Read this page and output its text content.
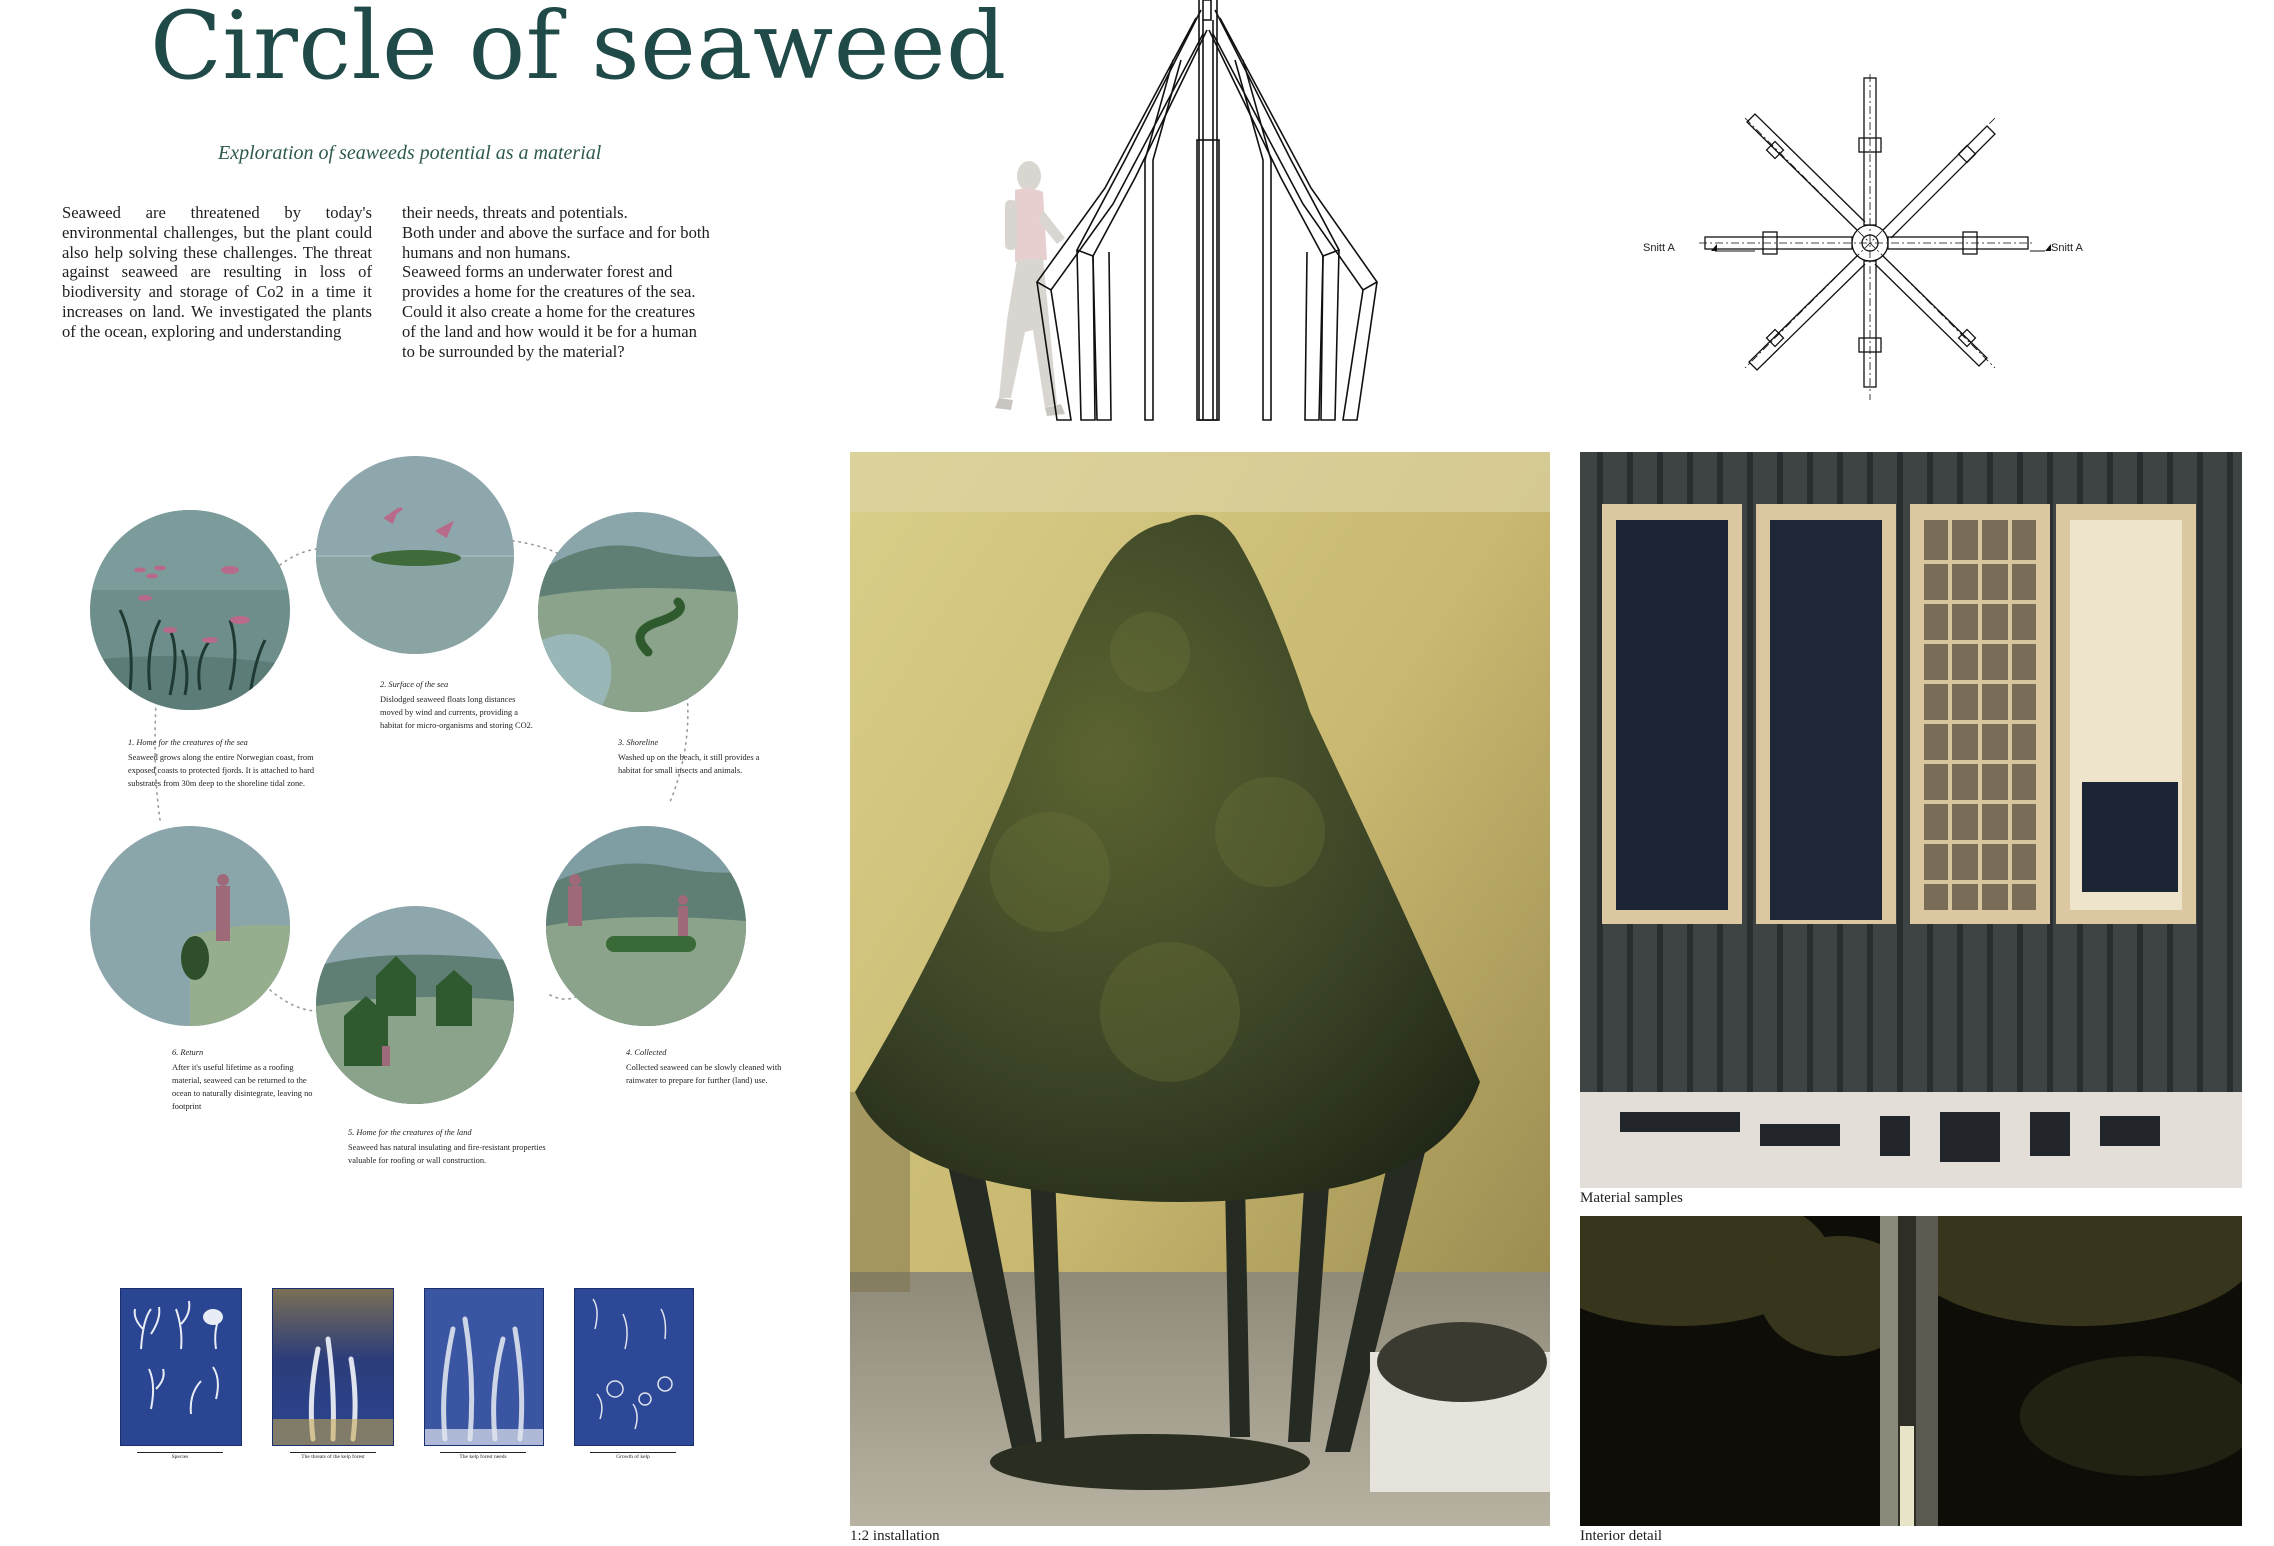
Circle of seaweed
Exploration of seaweeds potential as a material

Seaweed are threatened by today's environmental challenges, but the plant could also help solving these challenges. The threat against seaweed are resulting in loss of biodiversity and storage of Co2 in a time it increases on land. We investigated the plants of the ocean, exploring and understanding

their needs, threats and potentials.

Both under and above the surface and for both humans and non humans.

Seaweed forms an underwater forest and provides a home for the creatures of the sea. Could it also create a home for the creatures of the land and how would it be for a human to be surrounded by the material?

Snitt A	Snitt A
1. Home for the creatures of the sea
Seaweed grows along the entire Norwegian coast, from exposed coasts to protected fjords. It is attached to hard substrates from 30m deep to the shoreline tidal zone.
2. Surface of the sea
Dislodged seaweed floats long distances moved by wind and currents, providing a habitat for micro-organisms and storing CO2.
3. Shoreline
Washed up on the beach, it still provides a habitat for small insects and animals.
4. Collected
Collected seaweed can be slowly cleaned with rainwater to prepare for further (land) use.
5. Home for the creatures of the land
Seaweed has natural insulating and fire-resistant properties valuable for roofing or wall construction.
6. Return
After it's useful lifetime as a roofing material, seaweed can be returned to the ocean to naturally disintegrate, leaving no footprint
Species	The threats of the kelp forest	The kelp forest needs	Growth of kelp
1:2 installation
Material samples
Interior detail
